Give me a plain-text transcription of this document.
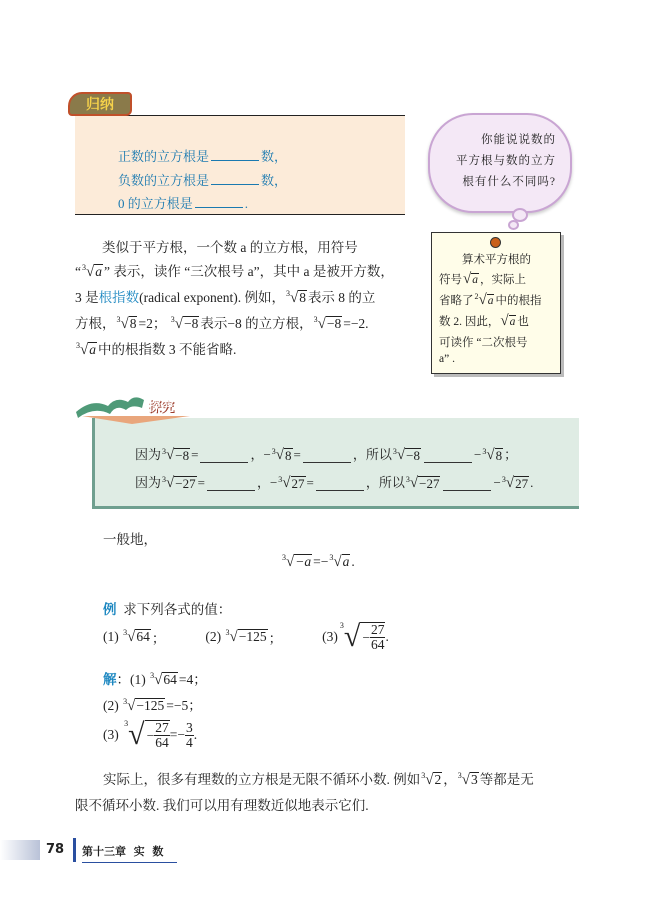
正数的立方根是	数，
负数的立方根是	数，
0 的立方根是	.
归纳
你能说说数的
平方根与数的立方
根有什么不同吗?
算术平方根的
符号 √ a ，实际上
省略了 2 √ a 中的根指
数 2. 因此， √ a 也
可读作 “二次根号
a” .
类似于平方根，一个数 a 的立方根，用符号
“ 3 √ a ” 表示，读作 “三次根号 a”，其中 a 是被开方数，
3 是 根指数 (radical exponent). 例如， 3 √ 8 表示 8 的立
方根， 3 √ 8 =2；
3 √ −8 表示−8 的立方根， 3 √ −8 =−2.
3 √ a 中的根指数 3 不能省略.
探究
因为 3 √ −8 =	， − 3 √ 8 =	， 所以 3 √ −8	− 3 √ 8 ；
因为 3 √ −27 =	， − 3 √ 27 =	， 所以 3 √ −27	− 3 √ 27 .
一般地，
3 √ −a =− 3 √ a .
例
求下列各式的值：
(1)
3 √ 64 ；	(2)
3 √ −125 ；	(3)
3 √ − $\frac{27}{64}$ .
解 ： (1)
3 √ 64 =4；
(2)
3 √ −125 =−5；
(3)

3 √ − $\frac{27}{64} =- \frac{3}{4}$ .
实际上，很多有理数的立方根是无限不循环小数. 例如 3 √ 2 ， 3 √ 3 等都是无
限不循环小数. 我们可以用有理数近似地表示它们.
78 第十三章  实  数
